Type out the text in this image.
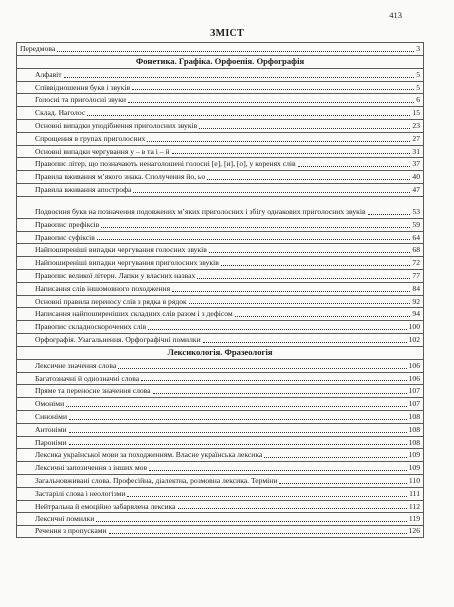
413
ЗМІСТ
Передмова	3
Фонетика. Графіка. Орфоепія. Орфографія
Алфавіт	5
Співвідношення букв і звуків	5
Голосні та приголосні звуки	6
Склад. Наголос	15
Основні випадки уподібнення приголосних звуків	23
Спрощення в групах приголосних	27
Основні випадки чергування у – в та і – й	31
Правопис літер, що позначають ненаголошені голосні [е], [и], [о], у коренях слів	37
Правила вживання м’якого знака. Сполучення йо, ьо	40
Правила вживання апострофа	47
Подвоєння букв на позначення подовжених м’яких приголосних і збігу однакових приголосних звуків	53
Правопис префіксів	59
Правопис суфіксів	64
Найпоширеніші випадки чергування голосних звуків	68
Найпоширеніші випадки чергування приголосних звуків	72
Правопис великої літери. Лапки у власних назвах	77
Написання слів іншомовного походження	84
Основні правила переносу слів з рядка в рядок	92
Написання найпоширеніших складних слів разом і з дефісом	94
Правопис складноскорочених слів	100
Орфографія. Узагальнення. Орфографічні помилки	102
Лексикологія. Фразеологія
Лексичне значення слова	106
Багатозначні й однозначні слова	106
Пряме та переносне значення слова	107
Омоніми	107
Синоніми	108
Антоніми	108
Пароніми	108
Лексика української мови за походженням. Власне українська лексика	109
Лексичні запозичення з інших мов	109
Загальновживані слова. Професійна, діалектна, розмовна лексика. Терміни	110
Застарілі слова і неологізми	111
Нейтральна й емоційно забарвлена лексика	112
Лексичні помилки	119
Речення з пропусками	126
